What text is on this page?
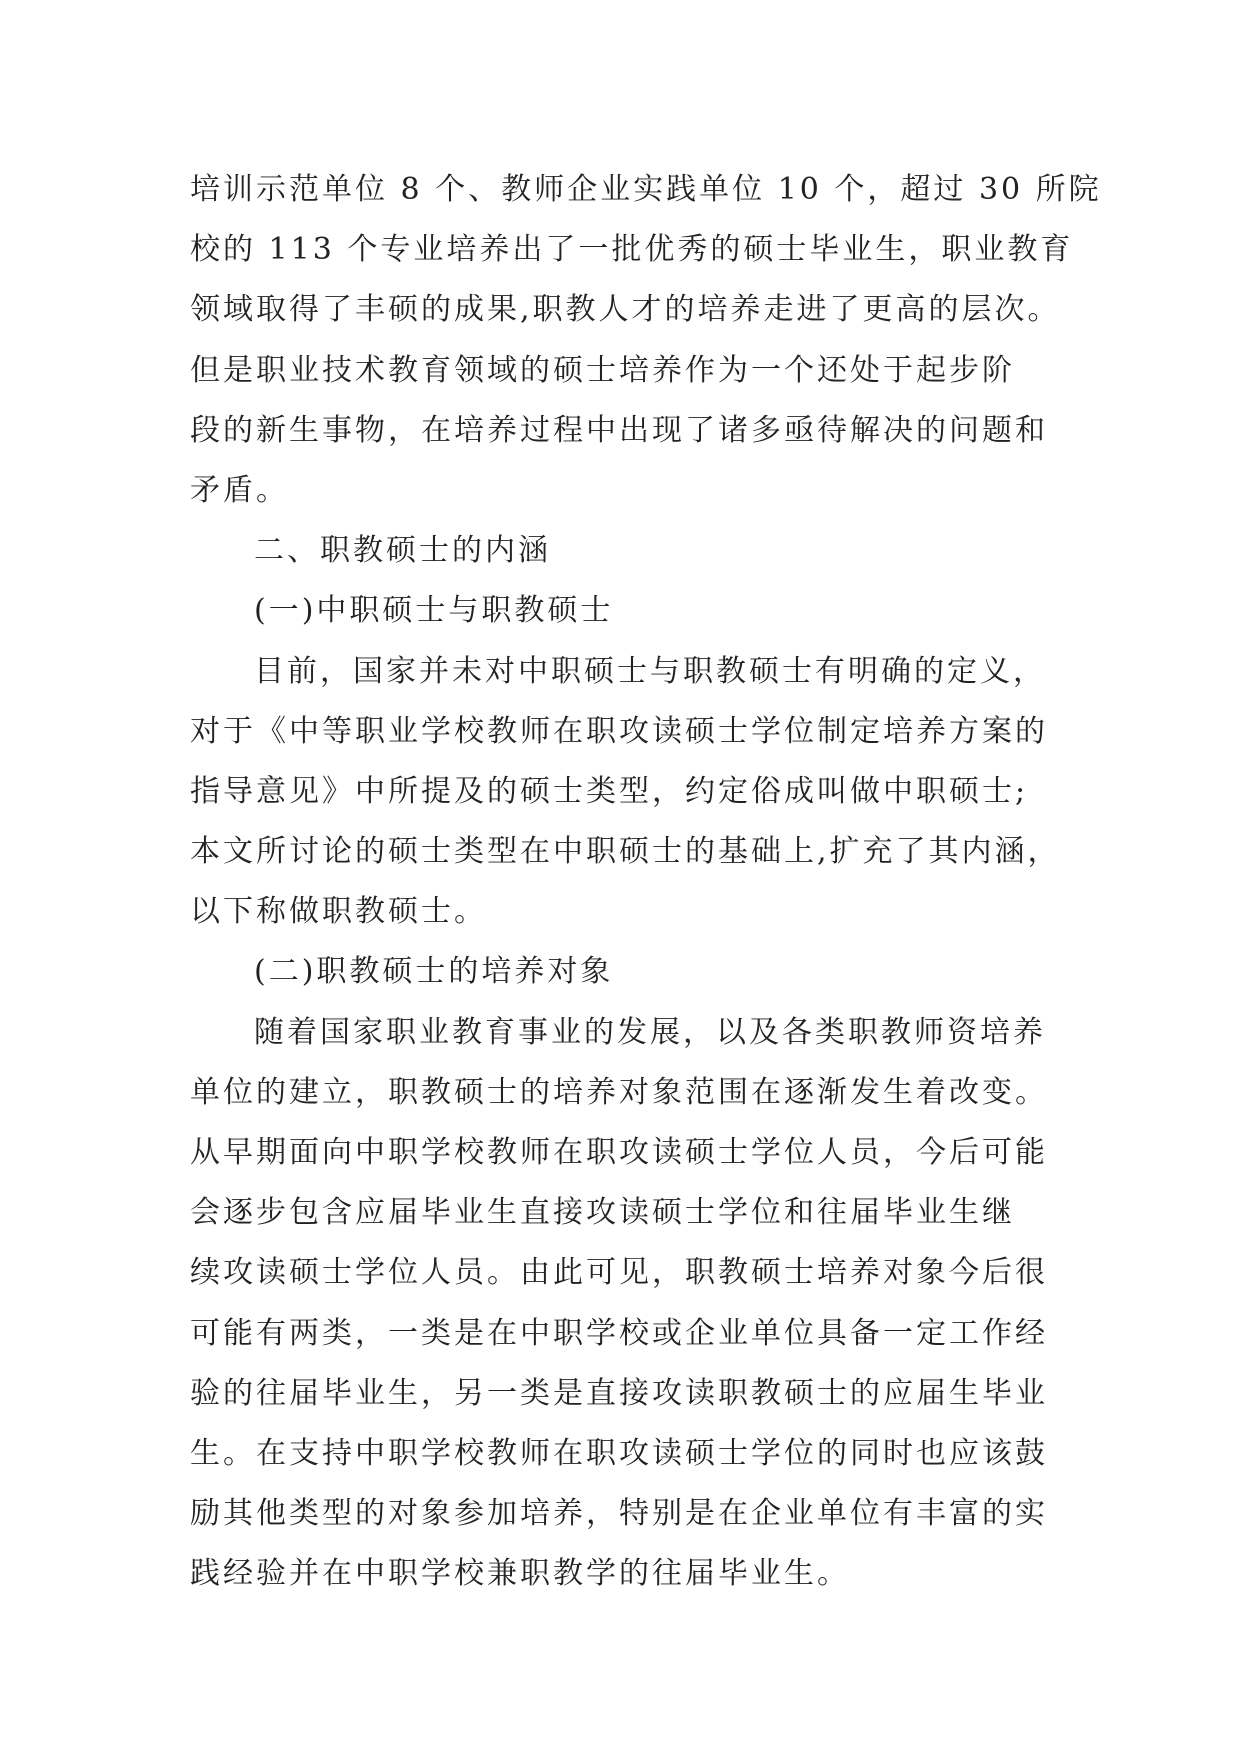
培训示范单位 8 个、教师企业实践单位 10 个，超过 30 所院
校的 113 个专业培养出了一批优秀的硕士毕业生，职业教育
领域取得了丰硕的成果,职教人才的培养走进了更高的层次。
但是职业技术教育领域的硕士培养作为一个还处于起步阶
段的新生事物，在培养过程中出现了诸多亟待解决的问题和
矛盾。
二、职教硕士的内涵
(一)中职硕士与职教硕士
目前，国家并未对中职硕士与职教硕士有明确的定义，
对于《中等职业学校教师在职攻读硕士学位制定培养方案的
指导意见》中所提及的硕士类型，约定俗成叫做中职硕士;
本文所讨论的硕士类型在中职硕士的基础上,扩充了其内涵，
以下称做职教硕士。
(二)职教硕士的培养对象
随着国家职业教育事业的发展，以及各类职教师资培养
单位的建立，职教硕士的培养对象范围在逐渐发生着改变。
从早期面向中职学校教师在职攻读硕士学位人员，今后可能
会逐步包含应届毕业生直接攻读硕士学位和往届毕业生继
续攻读硕士学位人员。由此可见，职教硕士培养对象今后很
可能有两类，一类是在中职学校或企业单位具备一定工作经
验的往届毕业生，另一类是直接攻读职教硕士的应届生毕业
生。在支持中职学校教师在职攻读硕士学位的同时也应该鼓
励其他类型的对象参加培养，特别是在企业单位有丰富的实
践经验并在中职学校兼职教学的往届毕业生。
